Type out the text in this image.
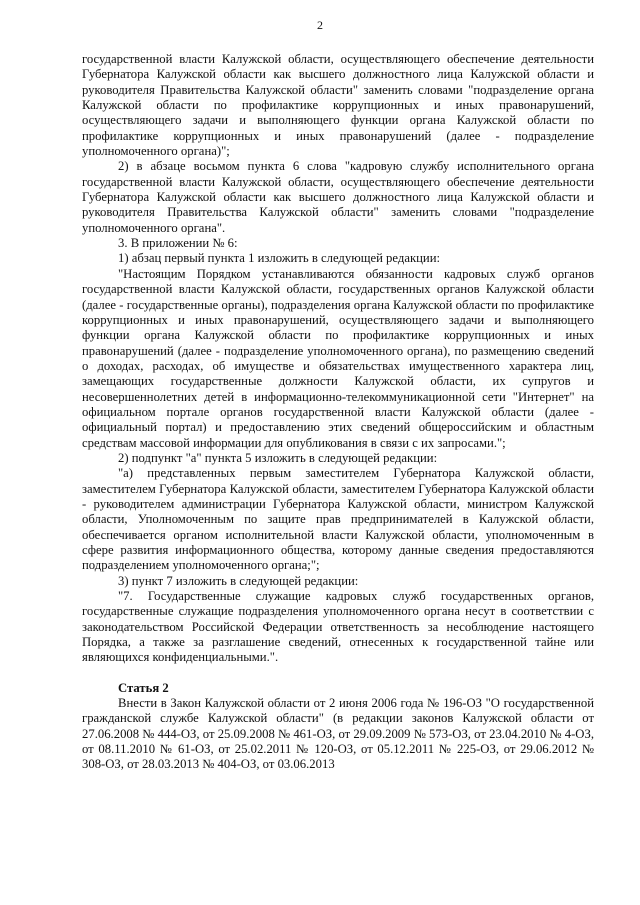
2

государственной власти Калужской области, осуществляющего обеспечение деятельности Губернатора Калужской области как высшего должностного лица Калужской области и руководителя Правительства Калужской области" заменить словами "подразделение органа Калужской области по профилактике коррупционных и иных правонарушений, осуществляющего задачи и выполняющего функции органа Калужской области по профилактике коррупционных и иных правонарушений (далее - подразделение уполномоченного органа)";

2) в абзаце восьмом пункта 6 слова "кадровую службу исполнительного органа государственной власти Калужской области, осуществляющего обеспечение деятельности Губернатора Калужской области как высшего должностного лица Калужской области и руководителя Правительства Калужской области" заменить словами "подразделение уполномоченного органа".

3. В приложении № 6:

1) абзац первый пункта 1 изложить в следующей редакции:

"Настоящим Порядком устанавливаются обязанности кадровых служб органов государственной власти Калужской области, государственных органов Калужской области (далее - государственные органы), подразделения органа Калужской области по профилактике коррупционных и иных правонарушений, осуществляющего задачи и выполняющего функции органа Калужской области по профилактике коррупционных и иных правонарушений (далее - подразделение уполномоченного органа), по размещению сведений о доходах, расходах, об имуществе и обязательствах имущественного характера лиц, замещающих государственные должности Калужской области, их супругов и несовершеннолетних детей в информационно-телекоммуникационной сети "Интернет" на официальном портале органов государственной власти Калужской области (далее - официальный портал) и предоставлению этих сведений общероссийским и областным средствам массовой информации для опубликования в связи с их запросами.";

2) подпункт "а" пункта 5 изложить в следующей редакции:

"а) представленных первым заместителем Губернатора Калужской области, заместителем Губернатора Калужской области, заместителем Губернатора Калужской области - руководителем администрации Губернатора Калужской области, министром Калужской области, Уполномоченным по защите прав предпринимателей в Калужской области, обеспечивается органом исполнительной власти Калужской области, уполномоченным в сфере развития информационного общества, которому данные сведения предоставляются подразделением уполномоченного органа;";

3) пункт 7 изложить в следующей редакции:

"7. Государственные служащие кадровых служб государственных органов, государственные служащие подразделения уполномоченного органа несут в соответствии с законодательством Российской Федерации ответственность за несоблюдение настоящего Порядка, а также за разглашение сведений, отнесенных к государственной тайне или являющихся конфиденциальными.".

Статья 2

Внести в Закон Калужской области от 2 июня 2006 года № 196-ОЗ "О государственной гражданской службе Калужской области" (в редакции законов Калужской области от 27.06.2008 № 444-ОЗ, от 25.09.2008 № 461-ОЗ, от 29.09.2009 № 573-ОЗ, от 23.04.2010 № 4-ОЗ, от 08.11.2010 № 61-ОЗ, от 25.02.2011 № 120-ОЗ, от 05.12.2011 № 225-ОЗ, от 29.06.2012 № 308-ОЗ, от 28.03.2013 № 404-ОЗ, от 03.06.2013
